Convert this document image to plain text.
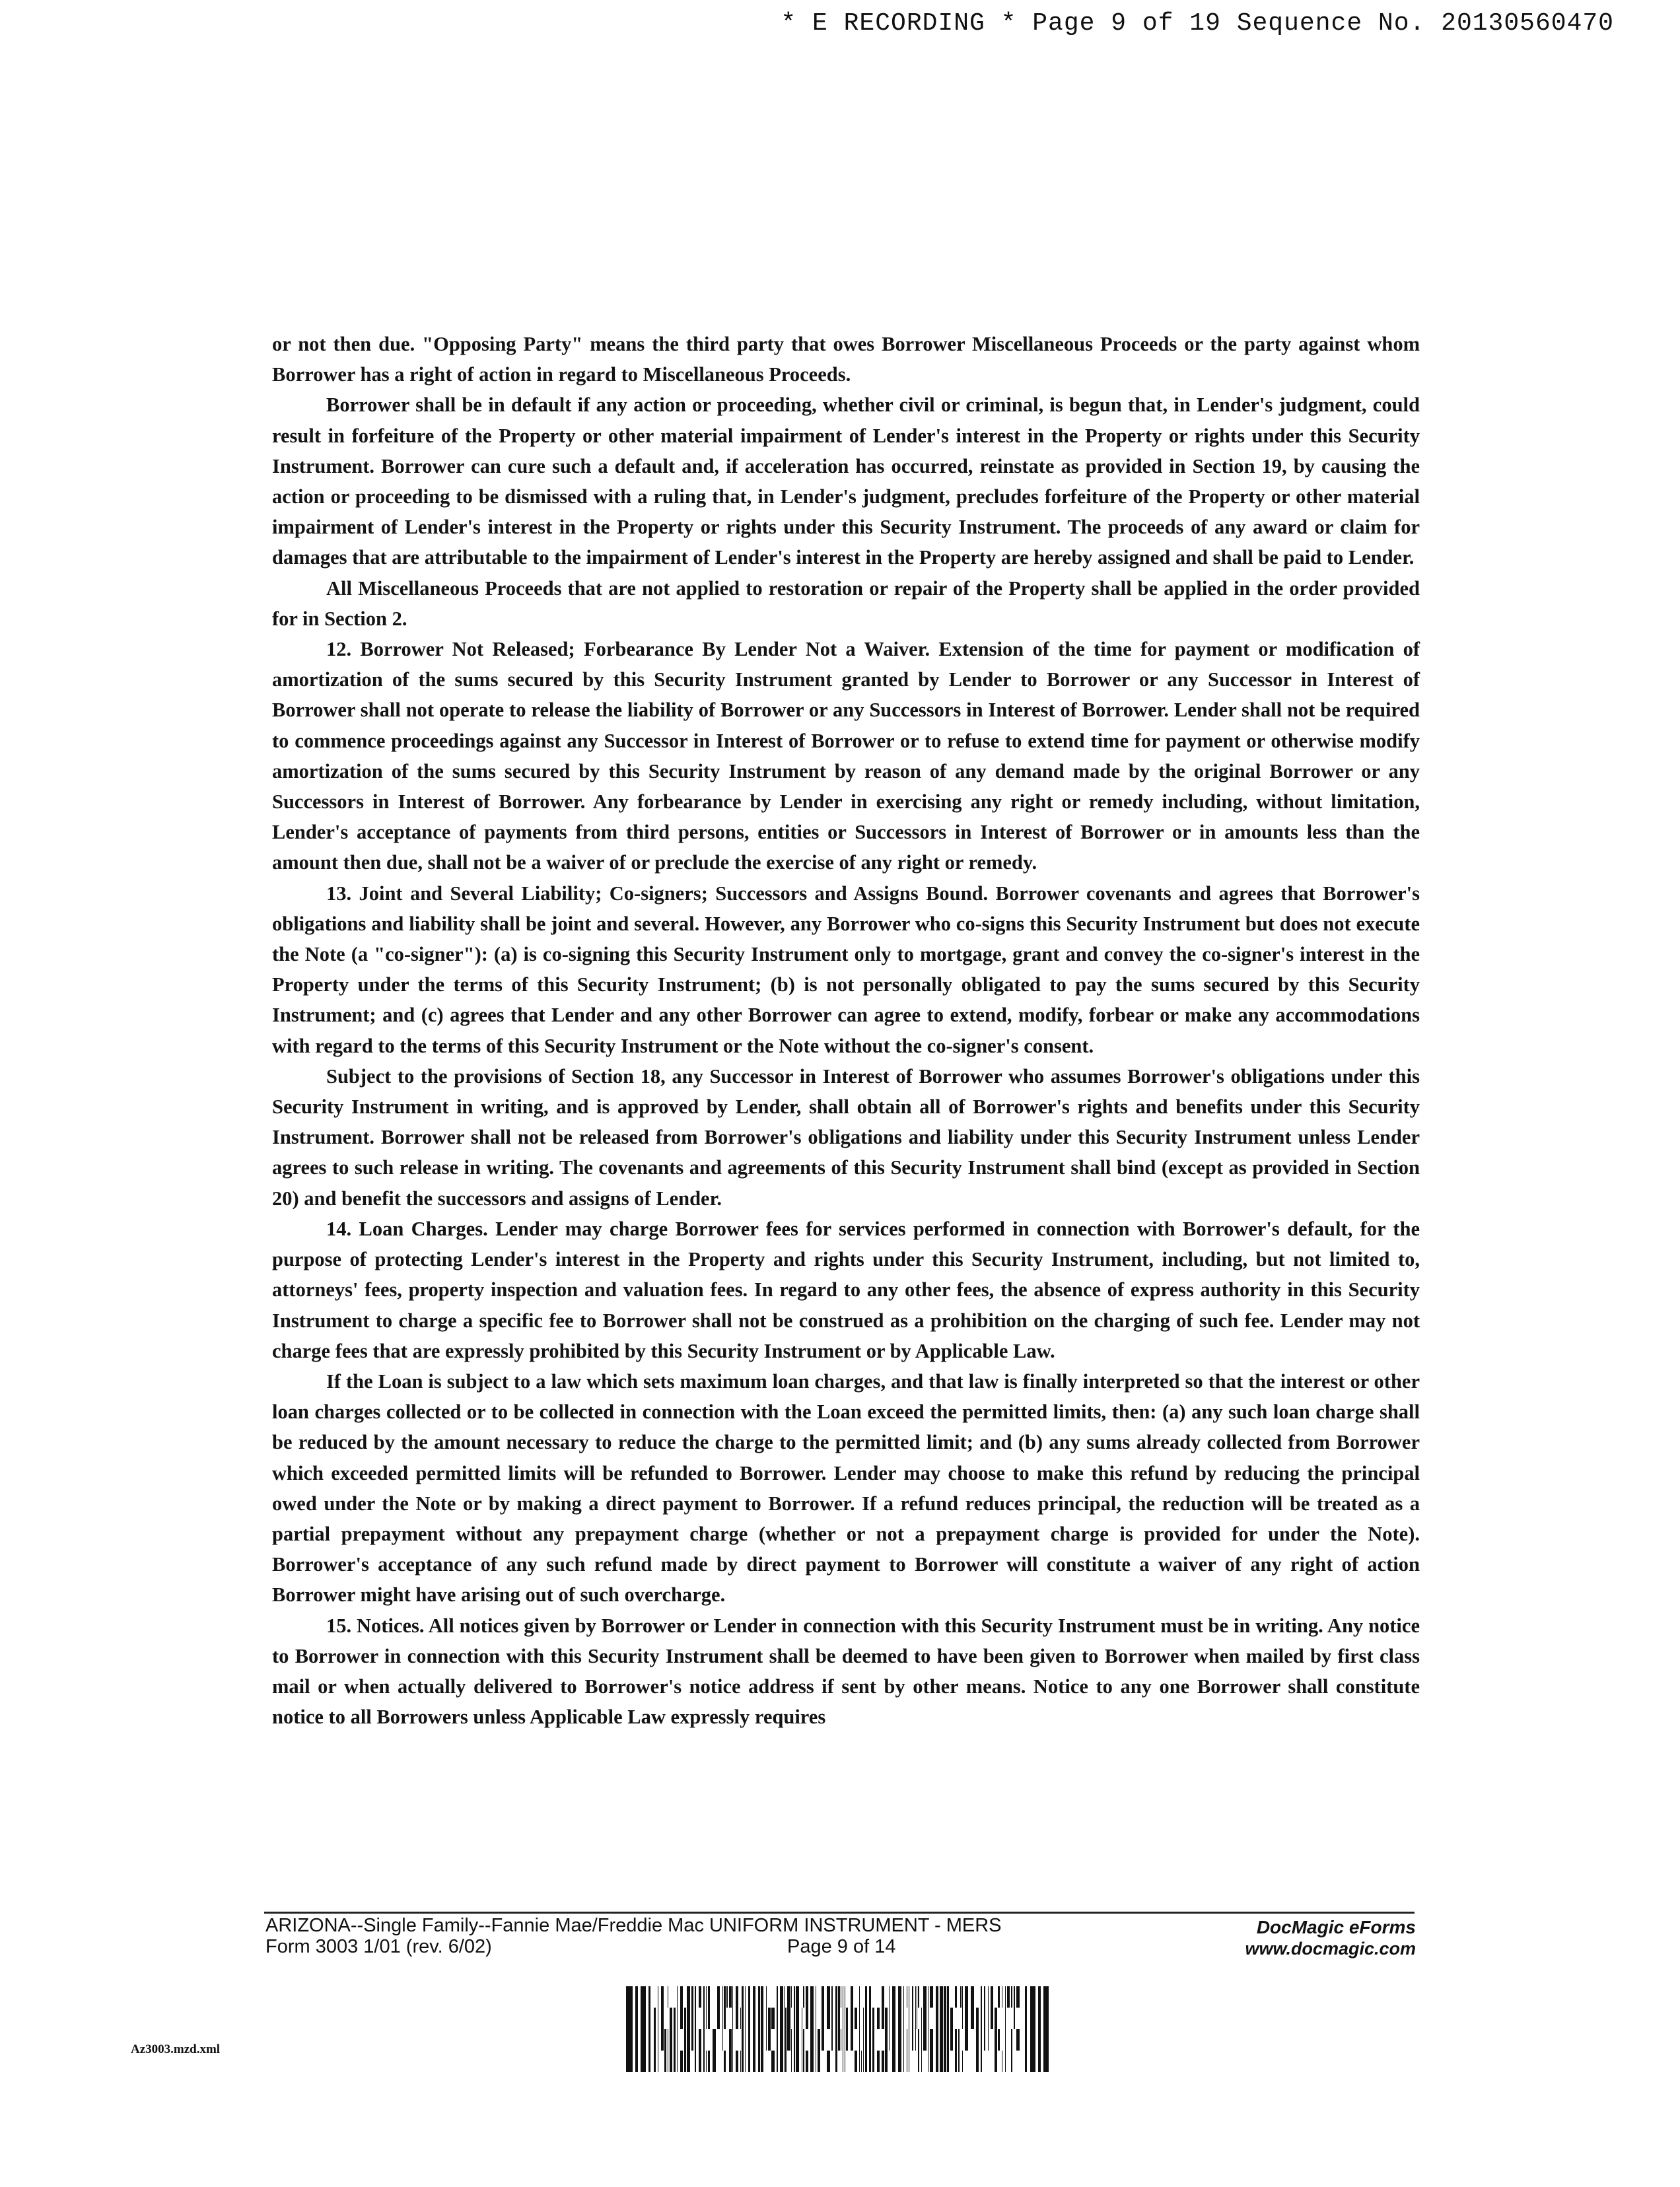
* E RECORDING * Page 9 of 19 Sequence No. 20130560470

or not then due. "Opposing Party" means the third party that owes Borrower Miscellaneous Proceeds or the party against whom Borrower has a right of action in regard to Miscellaneous Proceeds.

Borrower shall be in default if any action or proceeding, whether civil or criminal, is begun that, in Lender's judgment, could result in forfeiture of the Property or other material impairment of Lender's interest in the Property or rights under this Security Instrument. Borrower can cure such a default and, if acceleration has occurred, reinstate as provided in Section 19, by causing the action or proceeding to be dismissed with a ruling that, in Lender's judgment, precludes forfeiture of the Property or other material impairment of Lender's interest in the Property or rights under this Security Instrument. The proceeds of any award or claim for damages that are attributable to the impairment of Lender's interest in the Property are hereby assigned and shall be paid to Lender.

All Miscellaneous Proceeds that are not applied to restoration or repair of the Property shall be applied in the order provided for in Section 2.

12. Borrower Not Released; Forbearance By Lender Not a Waiver. Extension of the time for payment or modification of amortization of the sums secured by this Security Instrument granted by Lender to Borrower or any Successor in Interest of Borrower shall not operate to release the liability of Borrower or any Successors in Interest of Borrower. Lender shall not be required to commence proceedings against any Successor in Interest of Borrower or to refuse to extend time for payment or otherwise modify amortization of the sums secured by this Security Instrument by reason of any demand made by the original Borrower or any Successors in Interest of Borrower. Any forbearance by Lender in exercising any right or remedy including, without limitation, Lender's acceptance of payments from third persons, entities or Successors in Interest of Borrower or in amounts less than the amount then due, shall not be a waiver of or preclude the exercise of any right or remedy.

13. Joint and Several Liability; Co-signers; Successors and Assigns Bound. Borrower covenants and agrees that Borrower's obligations and liability shall be joint and several. However, any Borrower who co-signs this Security Instrument but does not execute the Note (a "co-signer"): (a) is co-signing this Security Instrument only to mortgage, grant and convey the co-signer's interest in the Property under the terms of this Security Instrument; (b) is not personally obligated to pay the sums secured by this Security Instrument; and (c) agrees that Lender and any other Borrower can agree to extend, modify, forbear or make any accommodations with regard to the terms of this Security Instrument or the Note without the co-signer's consent.

Subject to the provisions of Section 18, any Successor in Interest of Borrower who assumes Borrower's obligations under this Security Instrument in writing, and is approved by Lender, shall obtain all of Borrower's rights and benefits under this Security Instrument. Borrower shall not be released from Borrower's obligations and liability under this Security Instrument unless Lender agrees to such release in writing. The covenants and agreements of this Security Instrument shall bind (except as provided in Section 20) and benefit the successors and assigns of Lender.

14. Loan Charges. Lender may charge Borrower fees for services performed in connection with Borrower's default, for the purpose of protecting Lender's interest in the Property and rights under this Security Instrument, including, but not limited to, attorneys' fees, property inspection and valuation fees. In regard to any other fees, the absence of express authority in this Security Instrument to charge a specific fee to Borrower shall not be construed as a prohibition on the charging of such fee. Lender may not charge fees that are expressly prohibited by this Security Instrument or by Applicable Law.

If the Loan is subject to a law which sets maximum loan charges, and that law is finally interpreted so that the interest or other loan charges collected or to be collected in connection with the Loan exceed the permitted limits, then: (a) any such loan charge shall be reduced by the amount necessary to reduce the charge to the permitted limit; and (b) any sums already collected from Borrower which exceeded permitted limits will be refunded to Borrower. Lender may choose to make this refund by reducing the principal owed under the Note or by making a direct payment to Borrower. If a refund reduces principal, the reduction will be treated as a partial prepayment without any prepayment charge (whether or not a prepayment charge is provided for under the Note). Borrower's acceptance of any such refund made by direct payment to Borrower will constitute a waiver of any right of action Borrower might have arising out of such overcharge.

15. Notices. All notices given by Borrower or Lender in connection with this Security Instrument must be in writing. Any notice to Borrower in connection with this Security Instrument shall be deemed to have been given to Borrower when mailed by first class mail or when actually delivered to Borrower's notice address if sent by other means. Notice to any one Borrower shall constitute notice to all Borrowers unless Applicable Law expressly requires

ARIZONA--Single Family--Fannie Mae/Freddie Mac UNIFORM INSTRUMENT - MERS
Form 3003 1/01 (rev. 6/02)	Page 9 of 14
DocMagic eForms
www.docmagic.com
Az3003.mzd.xml
